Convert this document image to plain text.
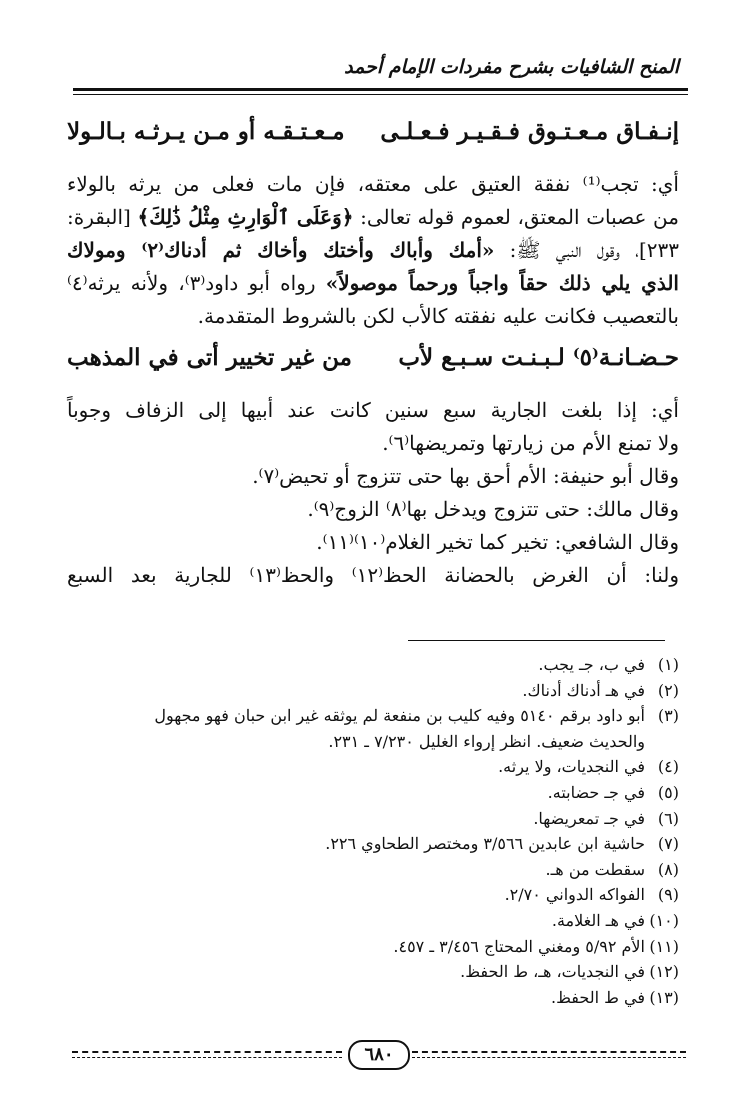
المنح الشافيات بشرح مفردات الإمام أحمد
إنـفـاق مـعـتـوق فـقـيـر فـعـلـى
مـعـتـقـه أو مـن يـرثـه بـالـولا
أي: تجب⁽¹⁾ نفقة العتيق على معتقه، فإن مات فعلى من يرثه بالولاء
من عصبات المعتق، لعموم قوله تعالى: ﴿وَعَلَى ٱلْوَارِثِ مِثْلُ ذَٰلِكَ﴾ [البقرة:
٢٣٣]، وقول النبي ﷺ: «أمك وأباك وأختك وأخاك ثم أدناك⁽٢⁾ ومولاك
الذي يلي ذلك حقاً واجباً ورحماً موصولاً» رواه أبو داود⁽٣⁾، ولأنه يرثه⁽٤⁾
بالتعصيب فكانت عليه نفقته كالأب لكن بالشروط المتقدمة.
حـضـانـة⁽٥⁾ لـبـنـت سـبـع لأب
من غير تخيير أتى في المذهب
أي: إذا بلغت الجارية سبع سنين كانت عند أبيها إلى الزفاف وجوباً
ولا تمنع الأم من زيارتها وتمريضها⁽٦⁾.
وقال أبو حنيفة: الأم أحق بها حتى تتزوج أو تحيض⁽٧⁾.
وقال مالك: حتى تتزوج ويدخل بها⁽٨⁾ الزوج⁽٩⁾.
وقال الشافعي: تخير كما تخير الغلام⁽١٠⁾⁽١١⁾.
ولنا: أن الغرض بالحضانة الحظ⁽١٢⁾ والحظ⁽١٣⁾ للجارية بعد السبع
(١)في ب، جـ يجب.
(٢)في هـ أدناك أدناك.
(٣)أبو داود برقم ٥١٤٠ وفيه كليب بن منفعة لم يوثقه غير ابن حبان فهو مجهول
والحديث ضعيف. انظر إرواء الغليل ٧/٢٣٠ ـ ٢٣١.
(٤)في النجديات، ولا يرثه.
(٥)في جـ حضابته.
(٦)في جـ تمعريضها.
(٧)حاشية ابن عابدين ٣/٥٦٦ ومختصر الطحاوي ٢٢٦.
(٨)سقطت من هـ.
(٩)الفواكه الدواني ٢/٧٠.
(١٠)في هـ الغلامة.
(١١)الأم ٥/٩٢ ومغني المحتاج ٣/٤٥٦ ـ ٤٥٧.
(١٢)في النجديات، هـ، ط الحفظ.
(١٣)في ط الحفظ.
٦٨٠
